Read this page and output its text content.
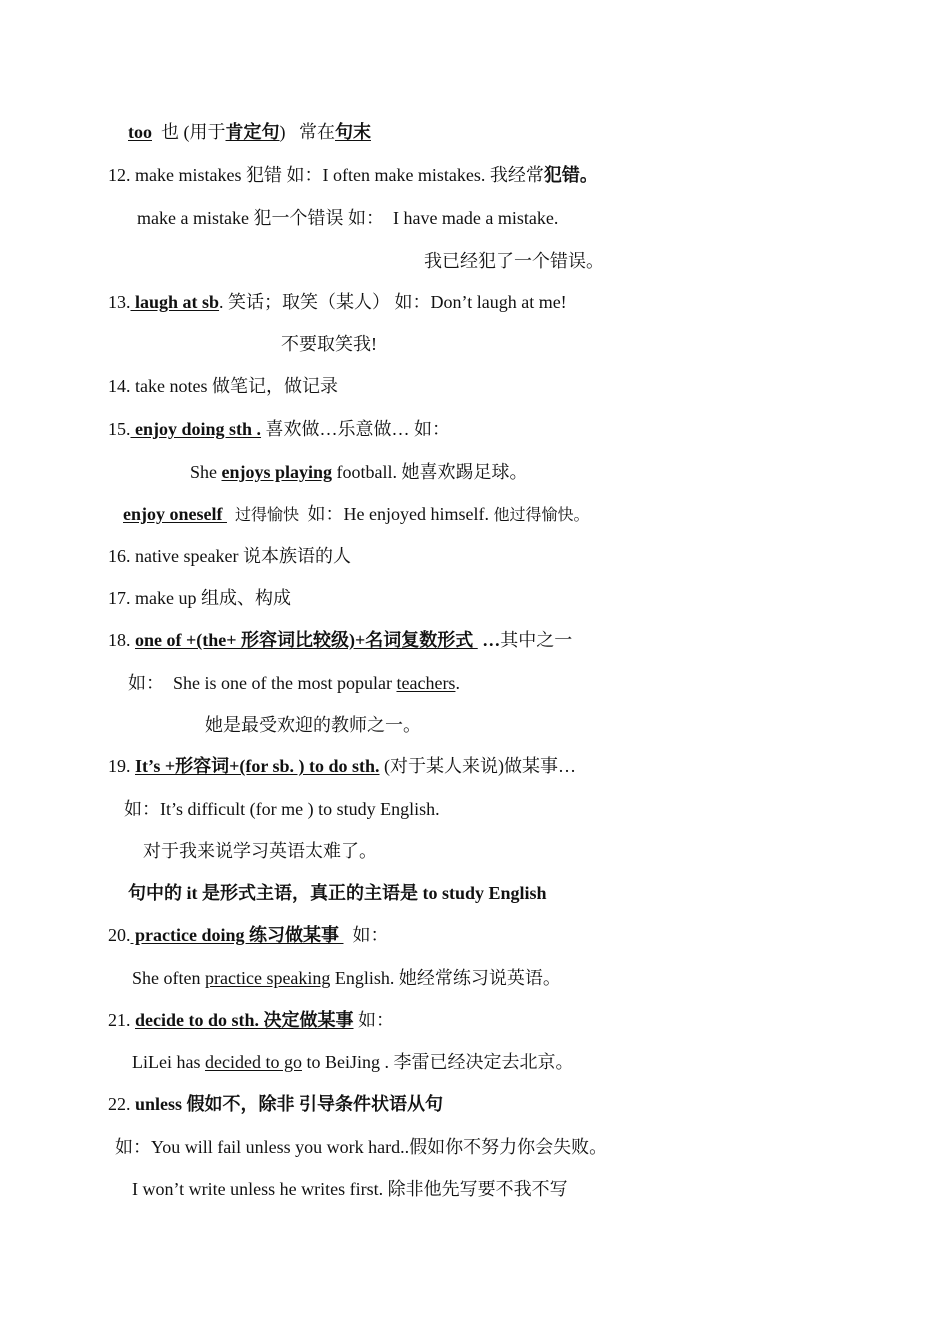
too  也 (用于肯定句)   常在句末
12. make mistakes 犯错 如：I often make mistakes. 我经常犯错。
make a mistake 犯一个错误 如：  I have made a mistake.
我已经犯了一个错误。
13. laugh at sb. 笑话；取笑（某人） 如：Don’t laugh at me!
不要取笑我!
14. take notes 做笔记，做记录
15. enjoy doing sth . 喜欢做…乐意做… 如：
She enjoys playing football. 她喜欢踢足球。
enjoy oneself   过得愉快  如：He enjoyed himself. 他过得愉快。
16. native speaker 说本族语的人
17. make up 组成、构成
18. one of +(the+ 形容词比较级)+名词复数形式  …其中之一
如：  She is one of the most popular teachers.
她是最受欢迎的教师之一。
19. It’s +形容词+(for sb. ) to do sth. (对于某人来说)做某事…
如：It’s difficult (for me ) to study English.
对于我来说学习英语太难了。
句中的 it 是形式主语，真正的主语是 to study English
20. practice doing 练习做某事   如：
She often practice speaking English. 她经常练习说英语。
21. decide to do sth. 决定做某事 如：
LiLei has decided to go to BeiJing . 李雷已经决定去北京。
22. unless 假如不，除非 引导条件状语从句
如：You will fail unless you work hard..假如你不努力你会失败。
I won’t write unless he writes first. 除非他先写要不我不写
